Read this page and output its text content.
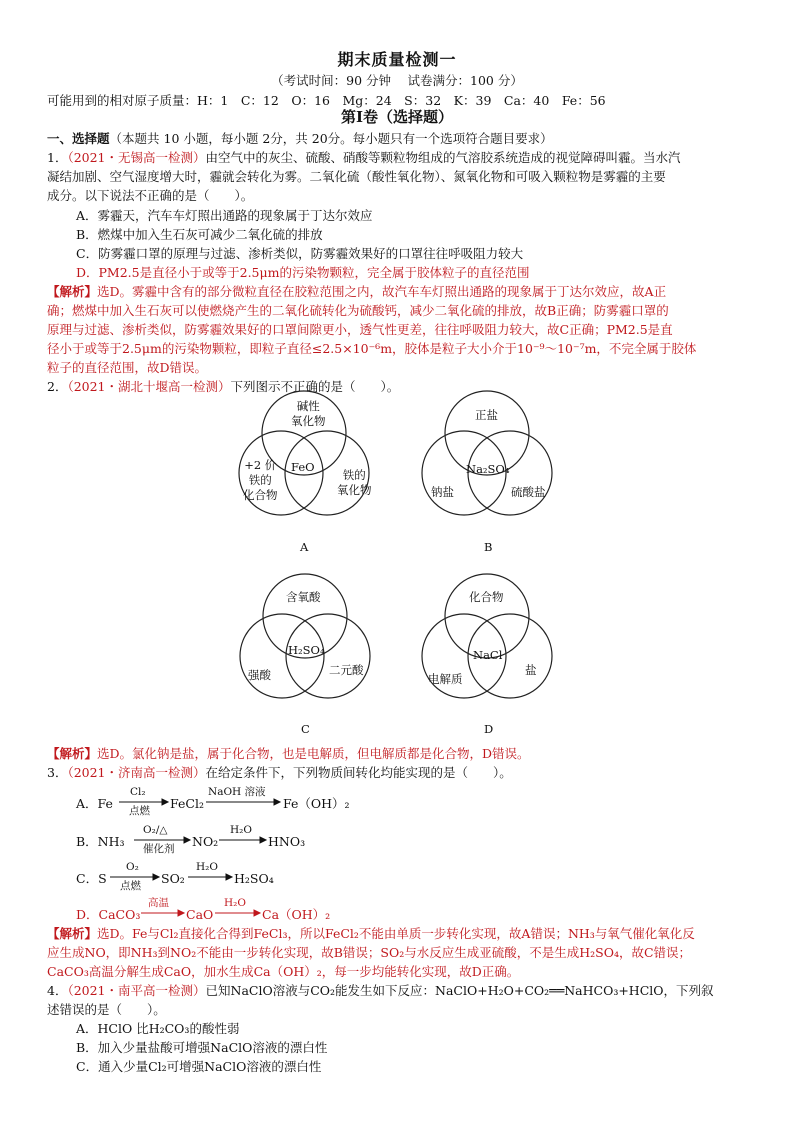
期末质量检测一
（考试时间：90 分钟　 试卷满分：100 分）
可能用到的相对原子质量：H：1　C：12　O：16　Mg：24　S：32　K：39　Ca：40　Fe：56
第Ⅰ卷（选择题）
一、选择题（本题共 10 小题，每小题 2分，共 20分。每小题只有一个选项符合题目要求）
1．（2021・无锡高一检测）由空气中的灰尘、硫酸、硝酸等颗粒物组成的气溶胶系统造成的视觉障碍叫霾。当水汽
凝结加剧、空气湿度增大时，霾就会转化为雾。二氧化硫（酸性氧化物）、氮氧化物和可吸入颗粒物是雾霾的主要
成分。以下说法不正确的是（　　）。
A．雾霾天，汽车车灯照出通路的现象属于丁达尔效应
B．燃煤中加入生石灰可减少二氧化硫的排放
C．防雾霾口罩的原理与过滤、渗析类似，防雾霾效果好的口罩往往呼吸阻力较大
D．PM2.5是直径小于或等于2.5μm的污染物颗粒，完全属于胶体粒子的直径范围
【解析】选D。雾霾中含有的部分微粒直径在胶粒范围之内，故汽车车灯照出通路的现象属于丁达尔效应，故A正
确；燃煤中加入生石灰可以使燃烧产生的二氧化硫转化为硫酸钙，减少二氧化硫的排放，故B正确；防雾霾口罩的
原理与过滤、渗析类似，防雾霾效果好的口罩间隙更小，透气性更差，往往呼吸阻力较大，故C正确；PM2.5是直
径小于或等于2.5μm的污染物颗粒，即粒子直径≤2.5×10⁻⁶m，胶体是粒子大小介于10⁻⁹～10⁻⁷m，不完全属于胶体
粒子的直径范围，故D错误。
2．（2021・湖北十堰高一检测）下列图示不正确的是（　　）。
碱性
氧化物
+2 价
铁的
化合物
铁的
氧化物
FeO
A
正盐
钠盐	硫酸盐
Na₂SO₄
B
含氧酸
强酸	二元酸
H₂SO₄
C
化合物
电解质
盐
NaCl
D
【解析】选D。氯化钠是盐，属于化合物，也是电解质，但电解质都是化合物，D错误。
3．（2021・济南高一检测）在给定条件下，下列物质间转化均能实现的是（　　）。
A．Fe
Cl₂
点燃 FeCl₂
NaOH 溶液
Fe（OH）₂
B．NH₃
O₂/△
催化剂 NO₂
H₂O
HNO₃
C．S
O₂
点燃 SO₂
H₂O
H₂SO₄
D．CaCO₃
高温
CaO
H₂O
Ca（OH）₂
【解析】选D。Fe与Cl₂直接化合得到FeCl₃，所以FeCl₂不能由单质一步转化实现，故A错误；NH₃与氧气催化氧化反
应生成NO，即NH₃到NO₂不能由一步转化实现，故B错误；SO₂与水反应生成亚硫酸，不是生成H₂SO₄，故C错误；
CaCO₃高温分解生成CaO，加水生成Ca（OH）₂，每一步均能转化实现，故D正确。
4．（2021・南平高一检测）已知NaClO溶液与CO₂能发生如下反应：NaClO+H₂O+CO₂══NaHCO₃+HClO，下列叙
述错误的是（　　）。
A．HClO 比H₂CO₃的酸性弱
B．加入少量盐酸可增强NaClO溶液的漂白性
C．通入少量Cl₂可增强NaClO溶液的漂白性
